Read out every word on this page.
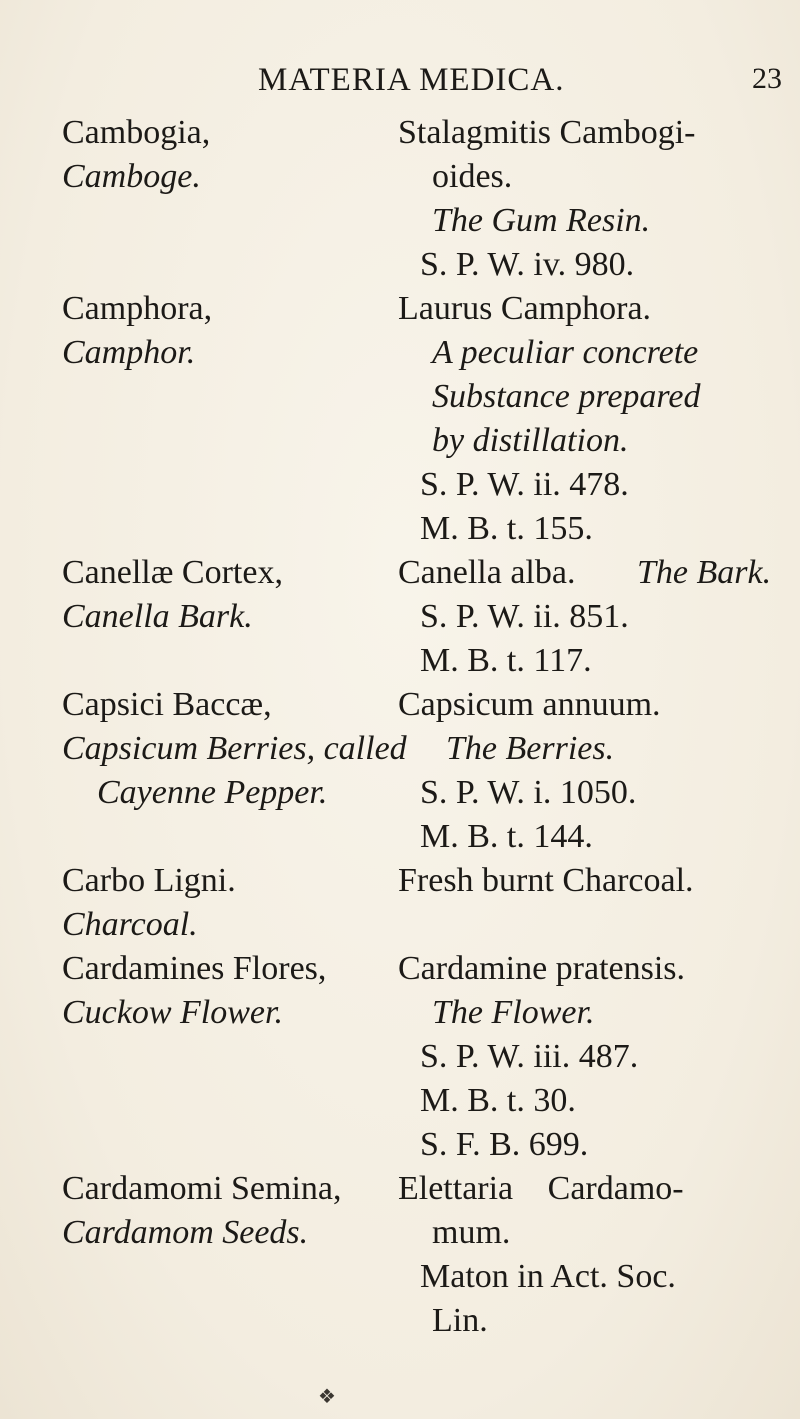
MATERIA MEDICA.	23
Cambogia,
Camboge.
Stalagmitis Cambogi-
oides.
The Gum Resin.
S. P. W. iv. 980.
Camphora,
Camphor.
Laurus Camphora.
A peculiar concrete
Substance prepared
by distillation.
S. P. W. ii. 478.
M. B. t. 155.
Canellæ Cortex,
Canella Bark.
Canella alba. The Bark.
S. P. W. ii. 851.
M. B. t. 117.
Capsici Baccæ,
Capsicum Berries, called
Cayenne Pepper.
Capsicum annuum.
The Berries.
S. P. W. i. 1050.
M. B. t. 144.
Carbo Ligni.
Charcoal.
Fresh burnt Charcoal.
Cardamines Flores,
Cuckow Flower.
Cardamine pratensis.
The Flower.
S. P. W. iii. 487.
M. B. t. 30.
S. F. B. 699.
Cardamomi Semina,
Cardamom Seeds.
Elettaria Cardamo-
mum.
Maton in Act. Soc.
Lin.
❖
